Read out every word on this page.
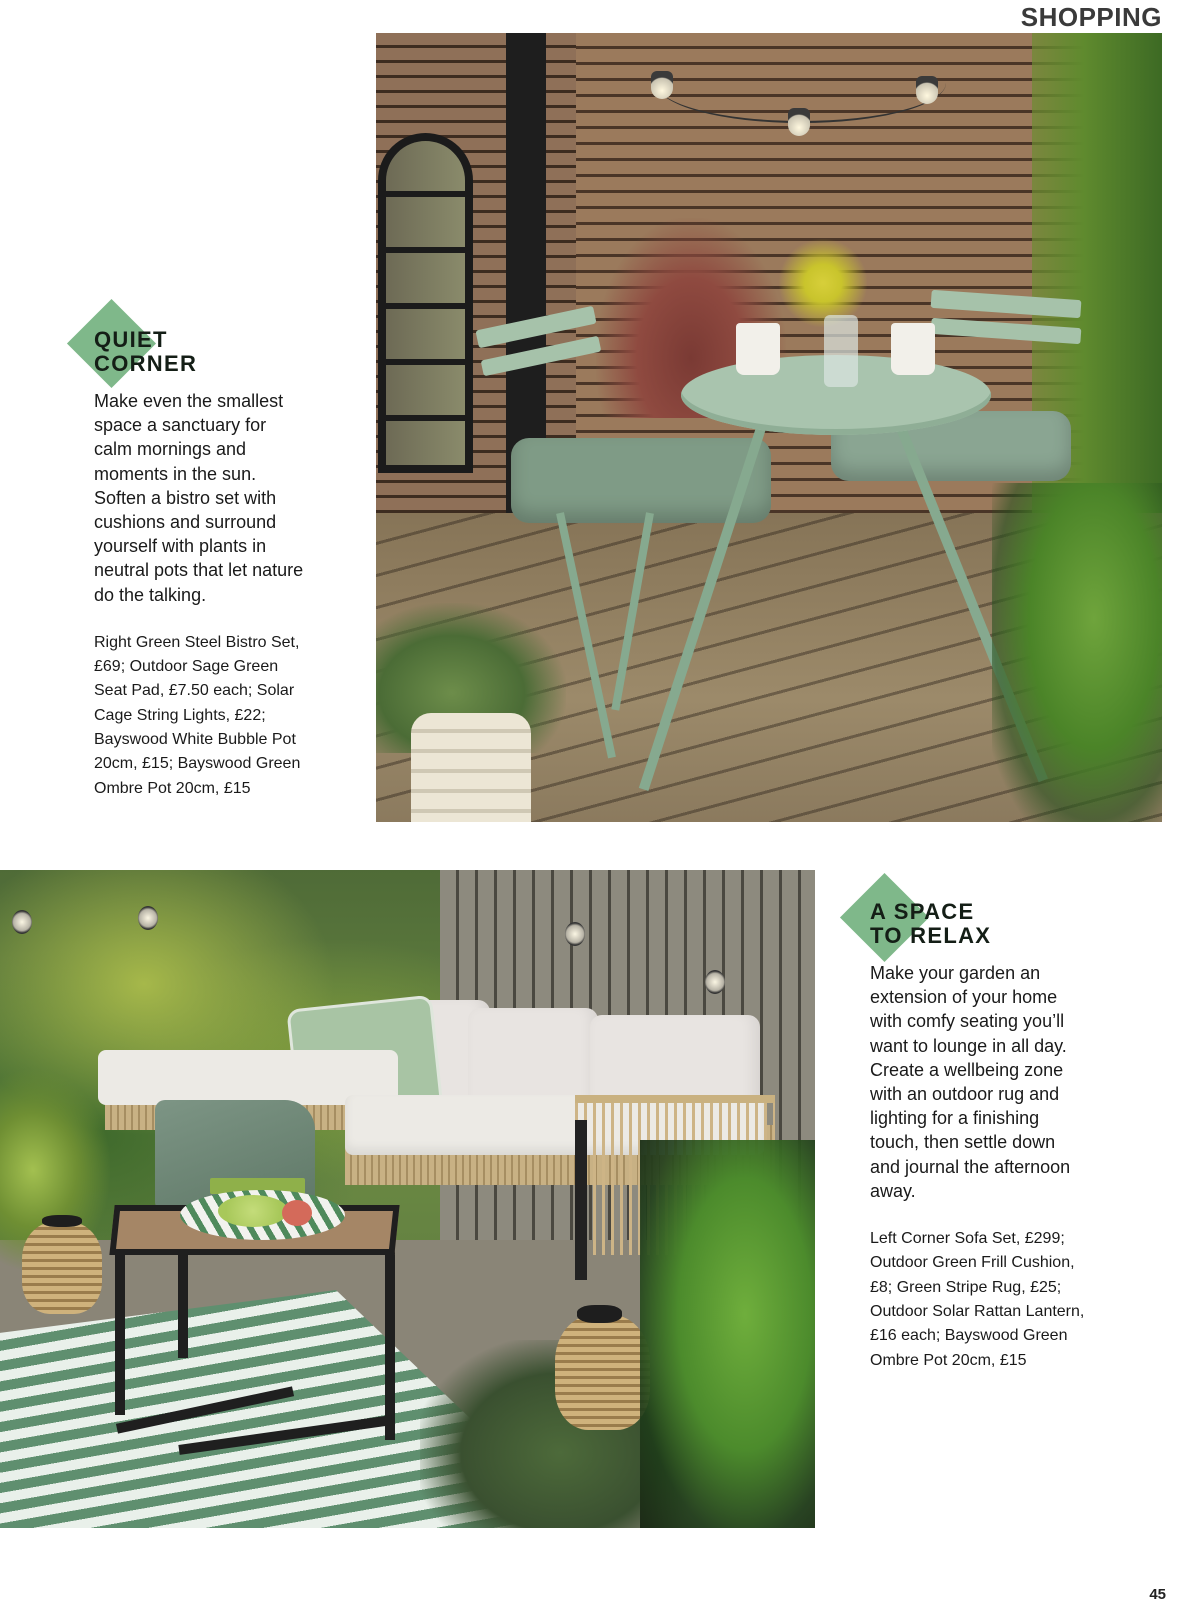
SHOPPING
QUIET
CORNER

Make even the smallest space a sanctuary for calm mornings and moments in the sun. Soften a bistro set with cushions and surround yourself with plants in neutral pots that let nature do the talking.

Right Green Steel Bistro Set, £69; Outdoor Sage Green Seat Pad, £7.50 each; Solar Cage String Lights, £22; Bayswood White Bubble Pot 20cm, £15; Bayswood Green Ombre Pot 20cm, £15

A SPACE
TO RELAX

Make your garden an extension of your home with comfy seating you’ll want to lounge in all day. Create a wellbeing zone with an outdoor rug and lighting for a finishing touch, then settle down and journal the afternoon away.

Left Corner Sofa Set, £299; Outdoor Green Frill Cushion, £8; Green Stripe Rug, £25; Outdoor Solar Rattan Lantern, £16 each; Bayswood Green Ombre Pot 20cm, £15

45
